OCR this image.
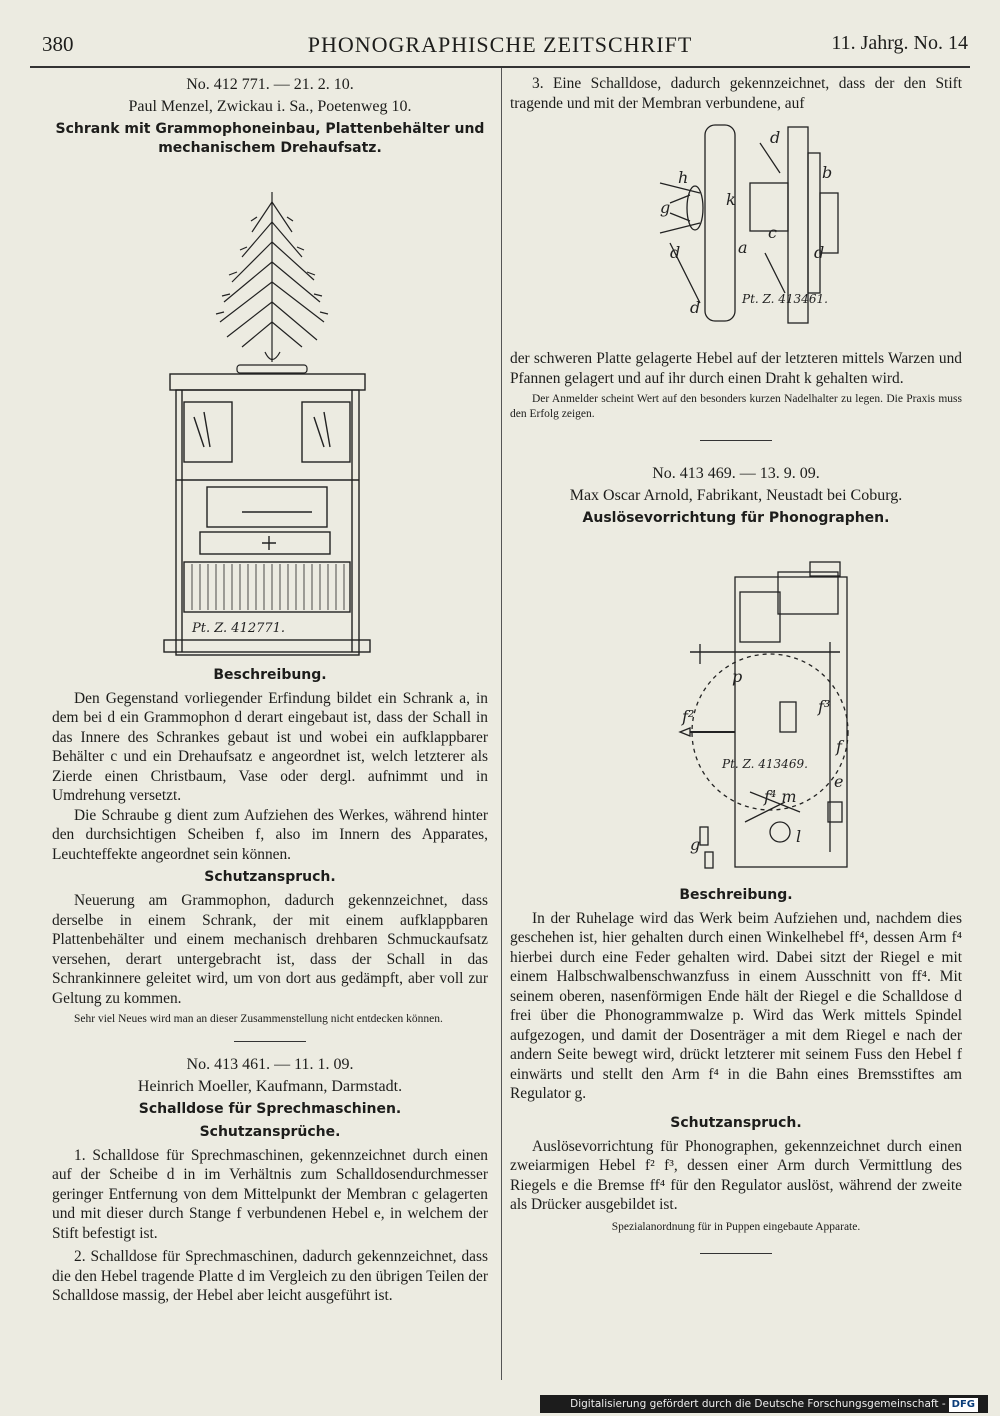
380	PHONOGRAPHISCHE ZEITSCHRIFT	11. Jahrg. No. 14
No. 412 771. — 21. 2. 10.
Paul Menzel, Zwickau i. Sa., Poetenweg 10.
Schrank mit Grammophoneinbau, Plattenbehälter und mechanischem Drehaufsatz.
Pt. Z. 412771.
Beschreibung.

Den Gegenstand vorliegender Erfindung bildet ein Schrank a, in dem bei d ein Grammophon d derart eingebaut ist, dass der Schall in das Innere des Schrankes gebaut ist und wobei ein aufklappbarer Behälter c und ein Drehaufsatz e angeordnet ist, welch letzterer als Zierde einen Christbaum, Vase oder dergl. aufnimmt und in Umdrehung versetzt.

Die Schraube g dient zum Aufziehen des Werkes, während hinter den durchsichtigen Scheiben f, also im Innern des Apparates, Leuchteffekte angeordnet sein können.

Schutzanspruch.

Neuerung am Grammophon, dadurch gekennzeichnet, dass derselbe in einem Schrank, der mit einem aufklappbaren Plattenbehälter und einem mechanisch drehbaren Schmuckaufsatz versehen, derart untergebracht ist, dass der Schall in das Schrankinnere geleitet wird, um von dort aus gedämpft, aber voll zur Geltung zu kommen.

Sehr viel Neues wird man an dieser Zusammenstellung nicht entdecken können.

No. 413 461. — 11. 1. 09.
Heinrich Moeller, Kaufmann, Darmstadt.
Schalldose für Sprechmaschinen.
Schutzansprüche.

1. Schalldose für Sprechmaschinen, gekennzeichnet durch einen auf der Scheibe d in im Verhältnis zum Schalldosendurchmesser geringer Entfernung von dem Mittelpunkt der Membran c gelagerten und mit dieser durch Stange f verbundenen Hebel e, in welchem der Stift befestigt ist.

2. Schalldose für Sprechmaschinen, dadurch gekennzeichnet, dass die den Hebel tragende Platte d im Vergleich zu den übrigen Teilen der Schalldose massig, der Hebel aber leicht ausgeführt ist.

3. Eine Schalldose, dadurch gekennzeichnet, dass der den Stift tragende und mit der Membran verbundene, auf

h
k
g
d	a
d
b
d
c
d	Pt. Z. 413461.

der schweren Platte gelagerte Hebel auf der letzteren mittels Warzen und Pfannen gelagert und auf ihr durch einen Draht k gehalten wird.

Der Anmelder scheint Wert auf den besonders kurzen Nadelhalter zu legen. Die Praxis muss den Erfolg zeigen.

No. 413 469. — 13. 9. 09.
Max Oscar Arnold, Fabrikant, Neustadt bei Coburg.
Auslösevorrichtung für Phonographen.
p
f²
f³
e
f
f⁴ m
l
g
Pt. Z. 413469.
Beschreibung.

In der Ruhelage wird das Werk beim Aufziehen und, nachdem dies geschehen ist, hier gehalten durch einen Winkelhebel ff⁴, dessen Arm f⁴ hierbei durch eine Feder gehalten wird. Dabei sitzt der Riegel e mit einem Halbschwalbenschwanzfuss in einem Ausschnitt von ff⁴. Mit seinem oberen, nasenförmigen Ende hält der Riegel e die Schalldose d frei über die Phonogrammwalze p. Wird das Werk mittels Spindel aufgezogen, und damit der Dosenträger a mit dem Riegel e nach der andern Seite bewegt wird, drückt letzterer mit seinem Fuss den Hebel f einwärts und stellt den Arm f⁴ in die Bahn eines Bremsstiftes am Regulator g.

Schutzanspruch.

Auslösevorrichtung für Phonographen, gekennzeichnet durch einen zweiarmigen Hebel f² f³, dessen einer Arm durch Vermittlung des Riegels e die Bremse ff⁴ für den Regulator auslöst, während der zweite als Drücker ausgebildet ist.

Spezialanordnung für in Puppen eingebaute Apparate.
Digitalisierung gefördert durch die Deutsche Forschungsgemeinschaft - DFG
